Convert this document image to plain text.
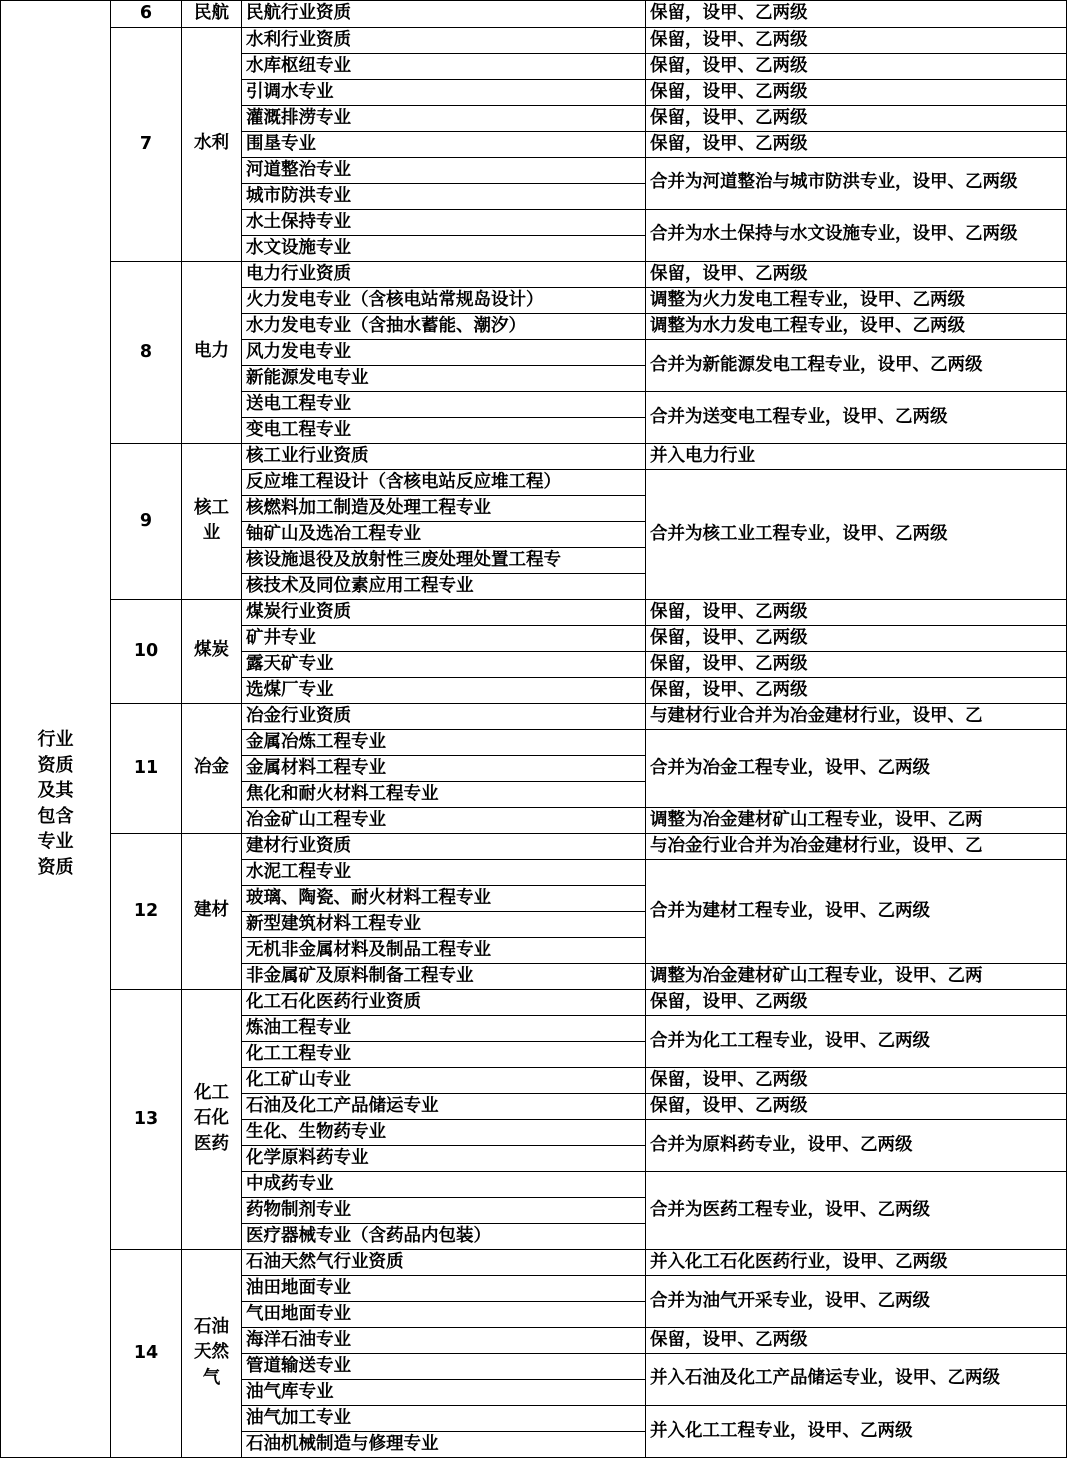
行业资质及其包含专业资质	6	民航	民航行业资质	保留，设甲、乙两级
	7	水利	水利行业资质	保留，设甲、乙两级
			水库枢纽专业	保留，设甲、乙两级
			引调水专业	保留，设甲、乙两级
			灌溉排涝专业	保留，设甲、乙两级
			围垦专业	保留，设甲、乙两级
			河道整治专业	合并为河道整治与城市防洪专业，设甲、乙两级
			城市防洪专业	
			水土保持专业	合并为水土保持与水文设施专业，设甲、乙两级
			水文设施专业	
	8	电力	电力行业资质	保留，设甲、乙两级
			火力发电专业（含核电站常规岛设计）	调整为火力发电工程专业，设甲、乙两级
			水力发电专业（含抽水蓄能、潮汐）	调整为水力发电工程专业，设甲、乙两级
			风力发电专业	合并为新能源发电工程专业，设甲、乙两级
			新能源发电专业	
			送电工程专业	合并为送变电工程专业，设甲、乙两级
			变电工程专业	
	9	核工业	核工业行业资质	并入电力行业
			反应堆工程设计（含核电站反应堆工程）	合并为核工业工程专业，设甲、乙两级
			核燃料加工制造及处理工程专业	
			铀矿山及选冶工程专业	
			核设施退役及放射性三废处理处置工程专	
			核技术及同位素应用工程专业	
	10	煤炭	煤炭行业资质	保留，设甲、乙两级
			矿井专业	保留，设甲、乙两级
			露天矿专业	保留，设甲、乙两级
			选煤厂专业	保留，设甲、乙两级
	11	冶金	冶金行业资质	与建材行业合并为冶金建材行业，设甲、乙
			金属冶炼工程专业	合并为冶金工程专业，设甲、乙两级
			金属材料工程专业	
			焦化和耐火材料工程专业	
			冶金矿山工程专业	调整为冶金建材矿山工程专业，设甲、乙两
	12	建材	建材行业资质	与冶金行业合并为冶金建材行业，设甲、乙
			水泥工程专业	合并为建材工程专业，设甲、乙两级
			玻璃、陶瓷、耐火材料工程专业	
			新型建筑材料工程专业	
			无机非金属材料及制品工程专业	
			非金属矿及原料制备工程专业	调整为冶金建材矿山工程专业，设甲、乙两
	13	化工石化医药	化工石化医药行业资质	保留，设甲、乙两级
			炼油工程专业	合并为化工工程专业，设甲、乙两级
			化工工程专业	
			化工矿山专业	保留，设甲、乙两级
			石油及化工产品储运专业	保留，设甲、乙两级
			生化、生物药专业	合并为原料药专业，设甲、乙两级
			化学原料药专业	
			中成药专业	合并为医药工程专业，设甲、乙两级
			药物制剂专业	
			医疗器械专业（含药品内包装）	
	14	石油天然气	石油天然气行业资质	并入化工石化医药行业，设甲、乙两级
			油田地面专业	合并为油气开采专业，设甲、乙两级
			气田地面专业	
			海洋石油专业	保留，设甲、乙两级
			管道输送专业	并入石油及化工产品储运专业，设甲、乙两级
			油气库专业	
			油气加工专业	并入化工工程专业，设甲、乙两级
			石油机械制造与修理专业	
